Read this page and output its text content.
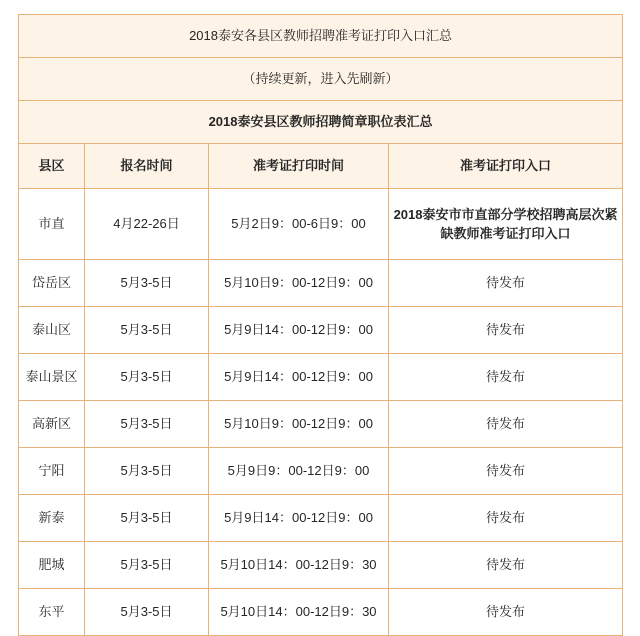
2018泰安各县区教师招聘准考证打印入口汇总			
（持续更新，进入先刷新）			
2018泰安县区教师招聘简章职位表汇总			
县区	报名时间	准考证打印时间	准考证打印入口
市直	4月22-26日	5月2日9：00-6日9：00	2018泰安市市直部分学校招聘高层次紧缺教师准考证打印入口
岱岳区	5月3-5日	5月10日9：00-12日9：00	待发布
泰山区	5月3-5日	5月9日14：00-12日9：00	待发布
泰山景区	5月3-5日	5月9日14：00-12日9：00	待发布
高新区	5月3-5日	5月10日9：00-12日9：00	待发布
宁阳	5月3-5日	5月9日9：00-12日9：00	待发布
新泰	5月3-5日	5月9日14：00-12日9：00	待发布
肥城	5月3-5日	5月10日14：00-12日9：30	待发布
东平	5月3-5日	5月10日14：00-12日9：30	待发布
